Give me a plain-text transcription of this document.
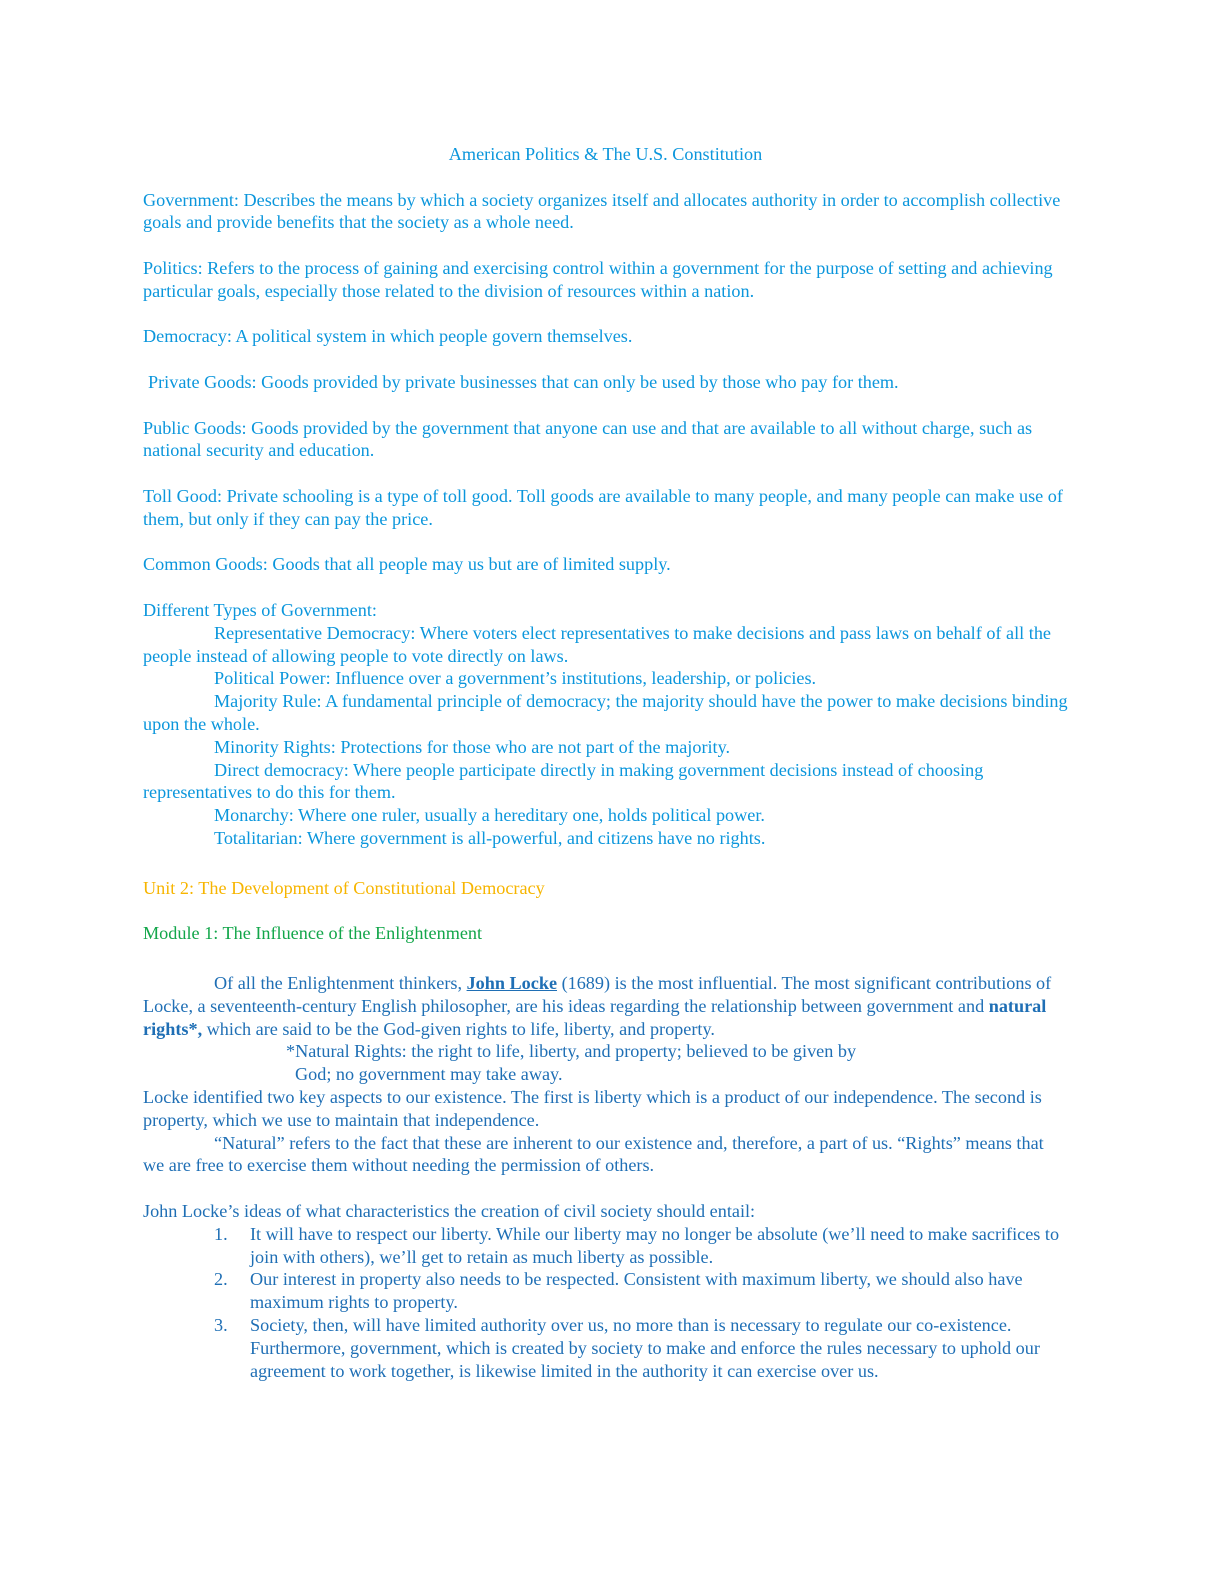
American Politics & The U.S. Constitution

Government: Describes the means by which a society organizes itself and allocates authority in order to accomplish collective goals and provide benefits that the society as a whole need.

Politics: Refers to the process of gaining and exercising control within a government for the purpose of setting and achieving particular goals, especially those related to the division of resources within a nation.

Democracy: A political system in which people govern themselves.

Private Goods: Goods provided by private businesses that can only be used by those who pay for them.

Public Goods: Goods provided by the government that anyone can use and that are available to all without charge, such as national security and education.

Toll Good: Private schooling is a type of toll good. Toll goods are available to many people, and many people can make use of them, but only if they can pay the price.

Common Goods: Goods that all people may us but are of limited supply.

Different Types of Government:

Representative Democracy: Where voters elect representatives to make decisions and pass laws on behalf of all the people instead of allowing people to vote directly on laws.

Political Power: Influence over a government’s institutions, leadership, or policies.

Majority Rule: A fundamental principle of democracy; the majority should have the power to make decisions binding upon the whole.

Minority Rights: Protections for those who are not part of the majority.

Direct democracy: Where people participate directly in making government decisions instead of choosing representatives to do this for them.

Monarchy: Where one ruler, usually a hereditary one, holds political power.

Totalitarian: Where government is all-powerful, and citizens have no rights.

Unit 2: The Development of Constitutional Democracy

Module 1: The Influence of the Enlightenment

Of all the Enlightenment thinkers, John Locke (1689) is the most influential. The most significant contributions of Locke, a seventeenth-century English philosopher, are his ideas regarding the relationship between government and natural rights*, which are said to be the God-given rights to life, liberty, and property.

*Natural Rights: the right to life, liberty, and property; believed to be given by

God; no government may take away.

Locke identified two key aspects to our existence. The first is liberty which is a product of our independence. The second is property, which we use to maintain that independence.

“Natural” refers to the fact that these are inherent to our existence and, therefore, a part of us. “Rights” means that we are free to exercise them without needing the permission of others.

John Locke’s ideas of what characteristics the creation of civil society should entail:

1. It will have to respect our liberty. While our liberty may no longer be absolute (we’ll need to make sacrifices to join with others), we’ll get to retain as much liberty as possible.
2. Our interest in property also needs to be respected. Consistent with maximum liberty, we should also have maximum rights to property.
3. Society, then, will have limited authority over us, no more than is necessary to regulate our co-existence. Furthermore, government, which is created by society to make and enforce the rules necessary to uphold our agreement to work together, is likewise limited in the authority it can exercise over us.
